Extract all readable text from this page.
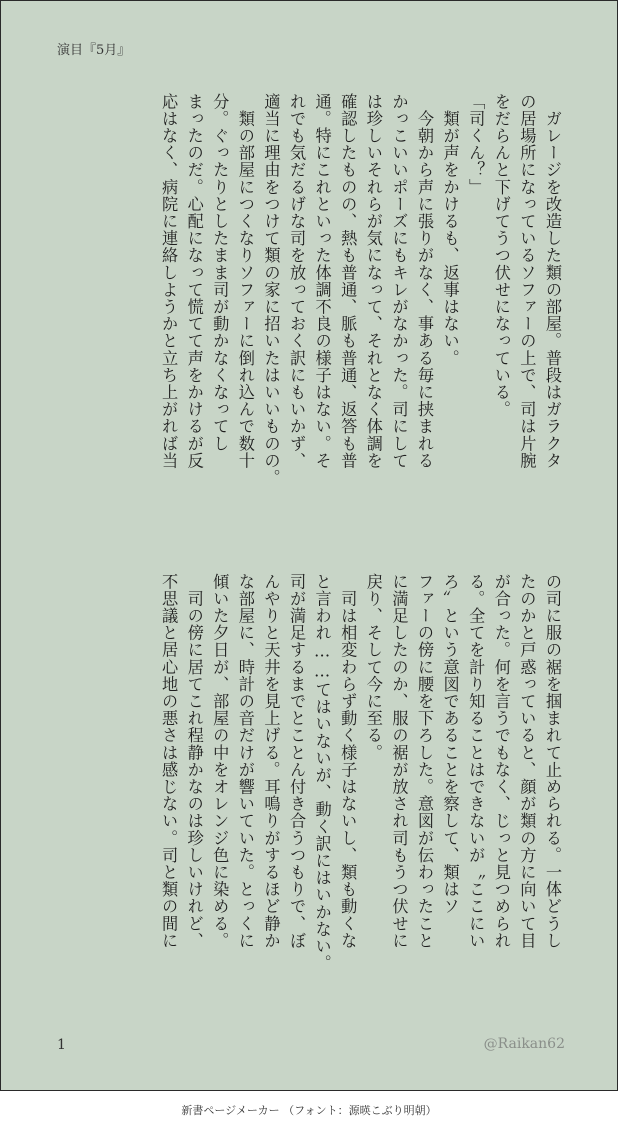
演目『5月』
　ガレージを改造した類の部屋。普段はガラクタ
の居場所になっているソファーの上で、司は片腕
をだらんと下げてうつ伏せになっている。
「司くん？」
　類が声をかけるも、返事はない。
　今朝から声に張りがなく、事ある毎に挟まれる
かっこいいポーズにもキレがなかった。司にして
は珍しいそれらが気になって、それとなく体調を
確認したものの、熱も普通、脈も普通、返答も普
通。特にこれといった体調不良の様子はない。そ
れでも気だるげな司を放っておく訳にもいかず、
適当に理由をつけて類の家に招いたはいいものの。
　類の部屋につくなりソファーに倒れ込んで数十
分。ぐったりとしたまま司が動かなくなってし
まったのだ。心配になって慌てて声をかけるが反
応はなく、病院に連絡しようかと立ち上がれば当
の司に服の裾を掴まれて止められる。一体どうし
たのかと戸惑っていると、顔が類の方に向いて目
が合った。何を言うでもなく、じっと見つめられ
る。全てを計り知ることはできないが〝ここにい
ろ〟という意図であることを察して、類はソ
ファーの傍に腰を下ろした。意図が伝わったこと
に満足したのか、服の裾が放され司もうつ伏せに
戻り、そして今に至る。
　司は相変わらず動く様子はないし、類も動くな
と言われ……てはいないが、動く訳にはいかない。
司が満足するまでとことん付き合うつもりで、ぼ
んやりと天井を見上げる。耳鳴りがするほど静か
な部屋に、時計の音だけが響いていた。とっくに
傾いた夕日が、部屋の中をオレンジ色に染める。
　司の傍に居てこれ程静かなのは珍しいけれど、
不思議と居心地の悪さは感じない。司と類の間に
1	@Raikan62
新書ページメーカー （フォント：源暎こぶり明朝）
